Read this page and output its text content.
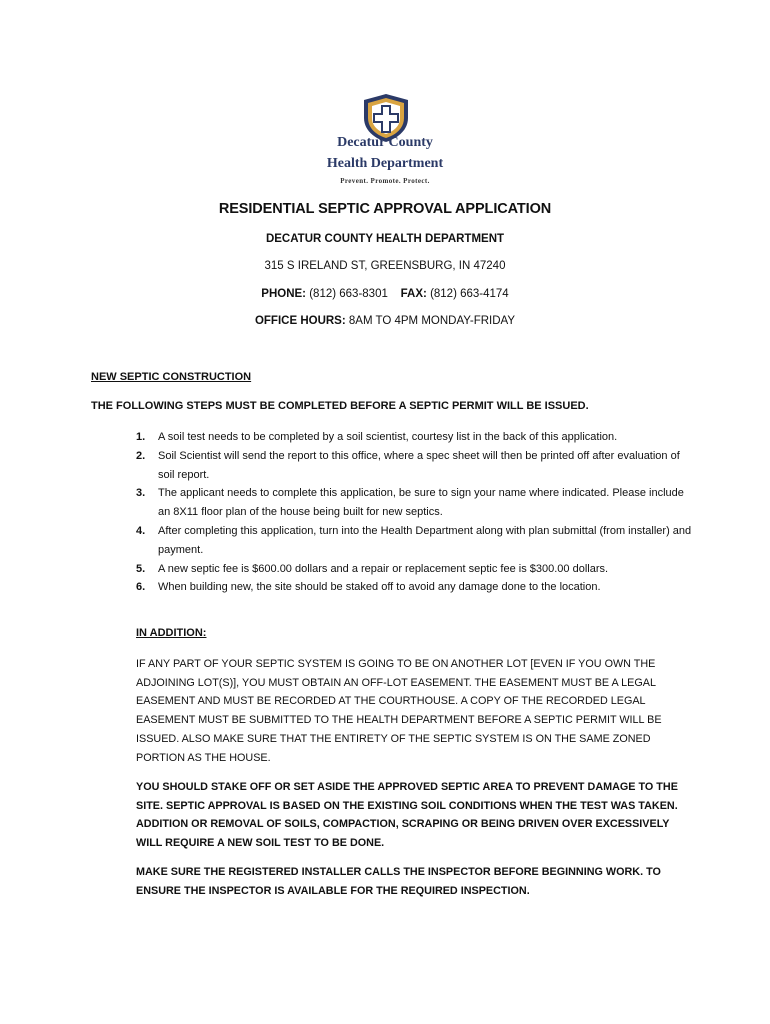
Decatur County
Health Department
Prevent. Promote. Protect.
RESIDENTIAL SEPTIC APPROVAL APPLICATION
DECATUR COUNTY HEALTH DEPARTMENT
315 S IRELAND ST, GREENSBURG, IN 47240
PHONE: (812) 663-8301 FAX: (812) 663-4174
OFFICE HOURS: 8AM TO 4PM MONDAY-FRIDAY
NEW SEPTIC CONSTRUCTION
THE FOLLOWING STEPS MUST BE COMPLETED BEFORE A SEPTIC PERMIT WILL BE ISSUED.
1. A soil test needs to be completed by a soil scientist, courtesy list in the back of this application.
2. Soil Scientist will send the report to this office, where a spec sheet will then be printed off after evaluation of soil report.
3. The applicant needs to complete this application, be sure to sign your name where indicated. Please include an 8X11 floor plan of the house being built for new septics.
4. After completing this application, turn into the Health Department along with plan submittal (from installer) and payment.
5. A new septic fee is $600.00 dollars and a repair or replacement septic fee is $300.00 dollars.
6. When building new, the site should be staked off to avoid any damage done to the location.
IN ADDITION:
IF ANY PART OF YOUR SEPTIC SYSTEM IS GOING TO BE ON ANOTHER LOT [EVEN IF YOU OWN THE ADJOINING LOT(S)], YOU MUST OBTAIN AN OFF-LOT EASEMENT. THE EASEMENT MUST BE A LEGAL EASEMENT AND MUST BE RECORDED AT THE COURTHOUSE. A COPY OF THE RECORDED LEGAL EASEMENT MUST BE SUBMITTED TO THE HEALTH DEPARTMENT BEFORE A SEPTIC PERMIT WILL BE ISSUED. ALSO MAKE SURE THAT THE ENTIRETY OF THE SEPTIC SYSTEM IS ON THE SAME ZONED PORTION AS THE HOUSE.
YOU SHOULD STAKE OFF OR SET ASIDE THE APPROVED SEPTIC AREA TO PREVENT DAMAGE TO THE SITE. SEPTIC APPROVAL IS BASED ON THE EXISTING SOIL CONDITIONS WHEN THE TEST WAS TAKEN. ADDITION OR REMOVAL OF SOILS, COMPACTION, SCRAPING OR BEING DRIVEN OVER EXCESSIVELY WILL REQUIRE A NEW SOIL TEST TO BE DONE.
MAKE SURE THE REGISTERED INSTALLER CALLS THE INSPECTOR BEFORE BEGINNING WORK. TO ENSURE THE INSPECTOR IS AVAILABLE FOR THE REQUIRED INSPECTION.
